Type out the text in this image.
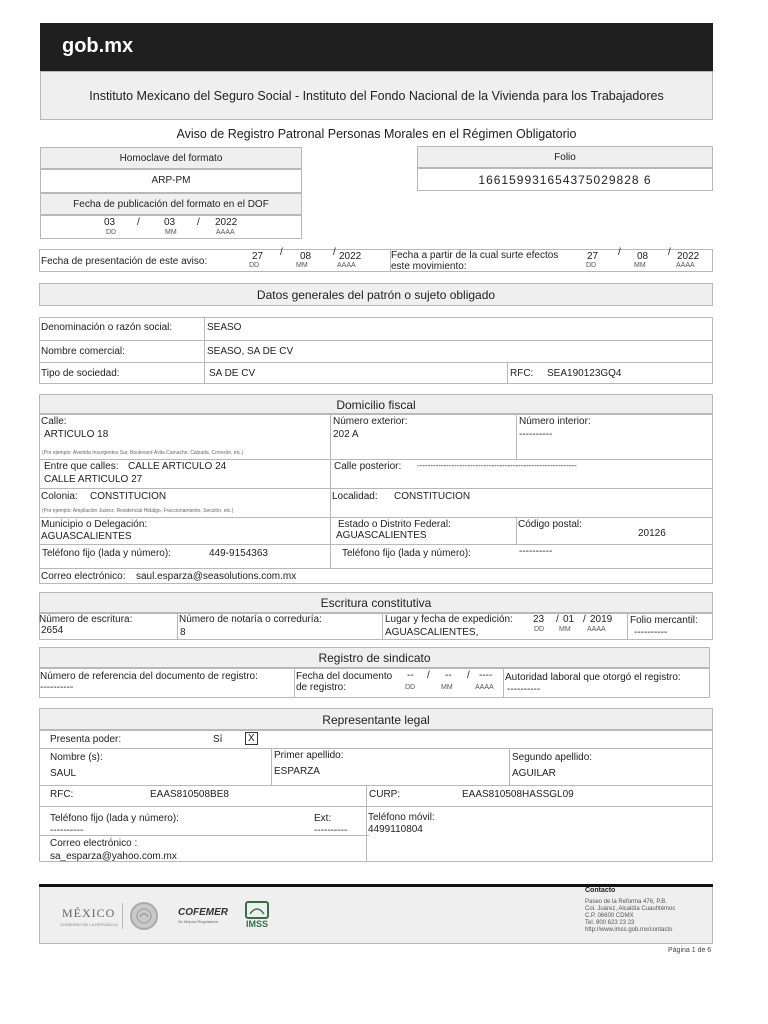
gob.mx
Instituto Mexicano del Seguro Social - Instituto del Fondo Nacional de la Vivienda para los Trabajadores
Aviso de Registro Patronal Personas Morales en el Régimen Obligatorio
Homoclave del formato
ARP-PM
Fecha de publicación del formato en el DOF
03 / 03 / 2022
DD	MM	AAAA
Folio
166159931654375029828 6
Fecha de presentación de este aviso:	27 / 08 / 2022
DD	MM	AAAA
Fecha a partir de la cual surte efectos
este movimiento:
27 / 08 / 2022
DD	MM	AAAA
Datos generales del patrón o sujeto obligado
Denominación o razón social:	SEASO
Nombre comercial:	SEASO, SA DE CV
Tipo de sociedad:	SA DE CV	RFC: SEA190123GQ4
Domicilio fiscal
Calle:
ARTICULO 18
(Por ejemplo: Avenida Insurgentes Sur, Boulevard Ávila Camacho, Calzada, Corredor, etc.)
Número exterior:
202 A
Número interior:
----------
Entre que calles: CALLE ARTICULO 24
CALLE ARTICULO 27
Calle posterior: ------------------------------------------------------------
Colonia: CONSTITUCION
(Por ejemplo: Ampliación Juárez, Residencial Hidalgo, Fraccionamiento, Sección, etc.)
Localidad: CONSTITUCION
Municipio o Delegación:
AGUASCALIENTES
Estado o Distrito Federal:
AGUASCALIENTES
Código postal:
20126
Teléfono fijo (lada y número):	449-9154363	Teléfono fijo (lada y número):	----------
Correo electrónico: saul.esparza@seasolutions.com.mx
Escritura constitutiva
Número de escritura:
2654
Número de notaría o correduría:
8
Lugar y fecha de expedición:
AGUASCALIENTES,
23 / 01 / 2019
DD MM AAAA
Folio mercantil:
----------
Registro de sindicato
Número de referencia del documento de registro:
----------
Fecha del documento
de registro:
-- / -- / ----
DD	MM	AAAA
Autoridad laboral que otorgó el registro:
----------
Representante legal
Presenta poder:	Sí	X
Nombre (s):
SAUL
Primer apellido:
ESPARZA
Segundo apellido:
AGUILAR
RFC:	EAAS810508BE8	CURP:	EAAS810508HASSGL09
Teléfono fijo (lada y número):
----------
Ext:
----------
Teléfono móvil:
4499110804
Correo electrónico :
sa_esparza@yahoo.com.mx
MÉXICO
GOBIERNO DE LA REPÚBLICA
COFEMER
Se Mejora Regulatoria	IMSS
Contacto
Paseo de la Reforma 476, P.B.
Col. Juárez, Alcaldía Cuauhtémoc
C.P. 06600 CDMX
Tel. 800 623 23 23
http://www.imss.gob.mx/contacto
Página 1 de 6
